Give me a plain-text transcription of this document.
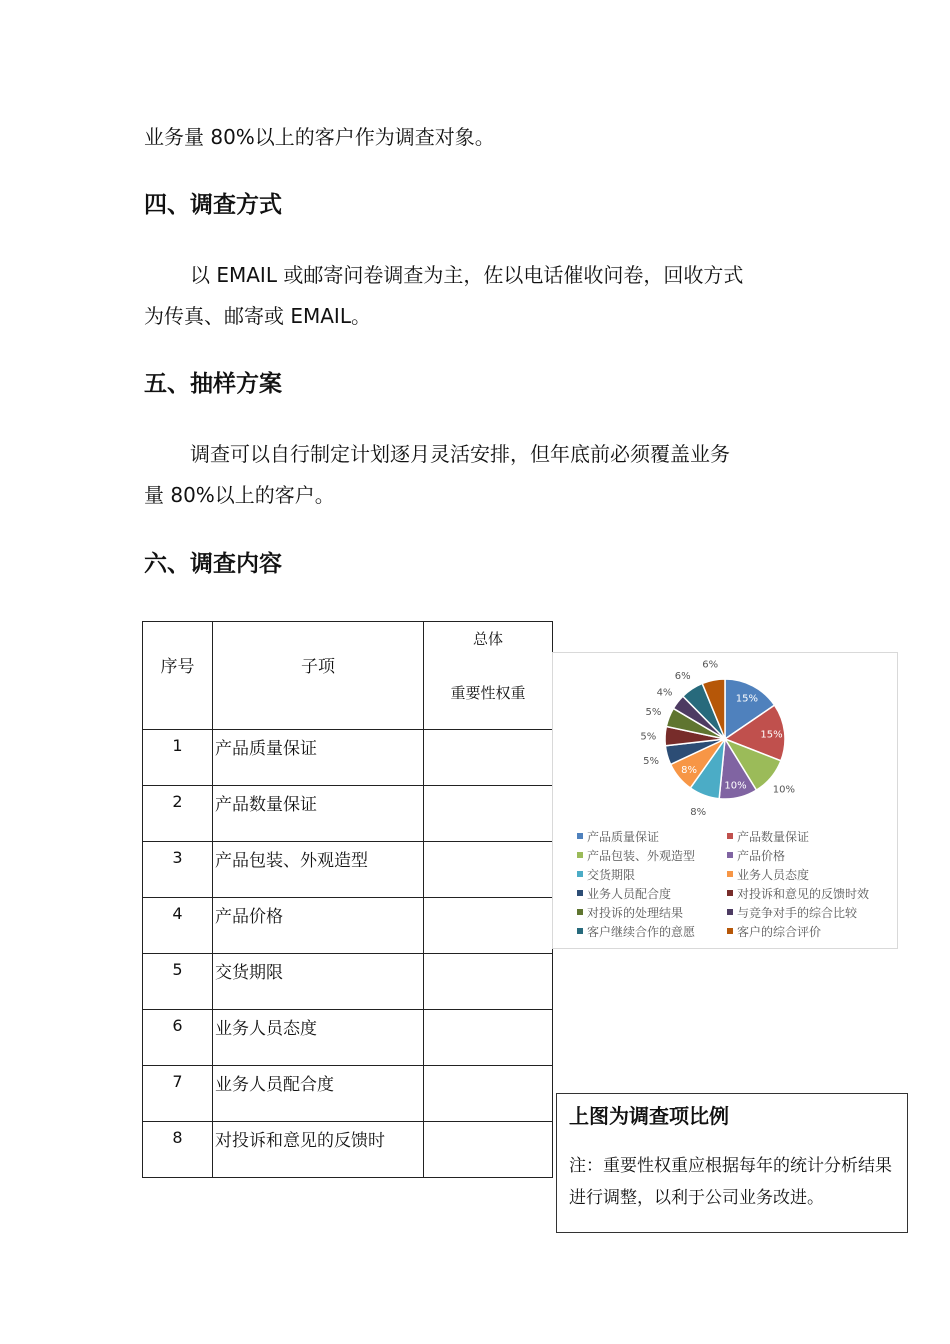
业务量 80%以上的客户作为调查对象。

四、调查方式

以 EMAIL 或邮寄问卷调查为主，佐以电话催收问卷，回收方式

为传真、邮寄或 EMAIL。

五、抽样方案

调查可以自行制定计划逐月灵活安排，但年底前必须覆盖业务

量 80%以上的客户。

六、调查内容
序号	子项	总体
重要性权重

1	产品质量保证	

2	产品数量保证	

3	产品包装、外观造型	

4	产品价格	

5	交货期限	

6	业务人员态度	

7	业务人员配合度	

8	对投诉和意见的反馈时	

15%
15%
10%
10%
8%
8%
5%
5%
5%
4%
6%
6%
产品质量保证	产品数量保证
产品包装、外观造型	产品价格
交货期限	业务人员态度
业务人员配合度	对投诉和意见的反馈时效
对投诉的处理结果	与竞争对手的综合比较
客户继续合作的意愿	客户的综合评价
上图为调查项比例
注：重要性权重应根据每年的统计分析结果进行调整，以利于公司业务改进。
